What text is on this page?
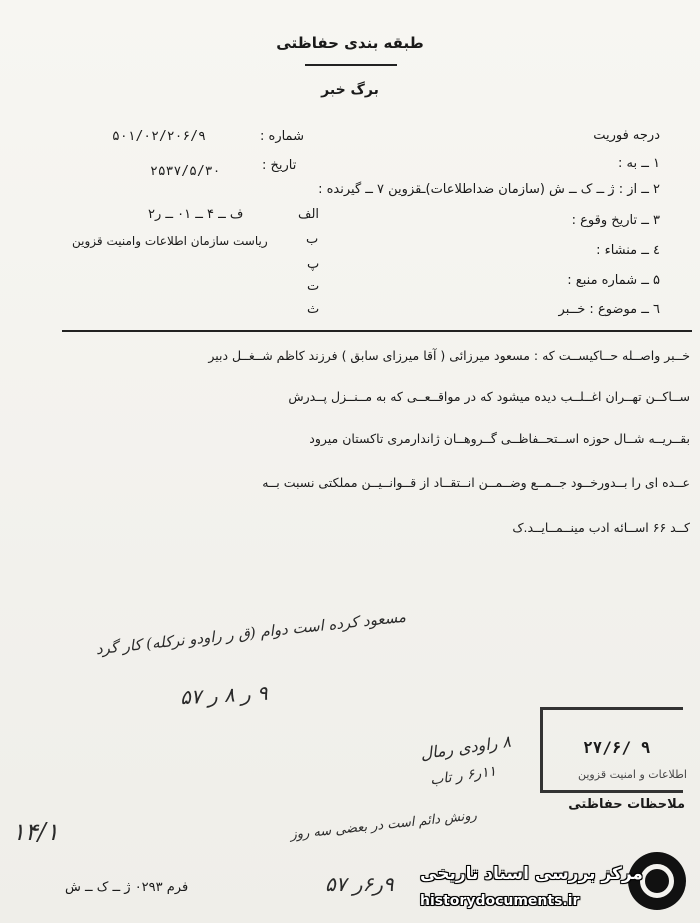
طبقه بندی حفاظتی
برگ خبر
درجه فوریت
۱ ــ به :
۲ ــ از : ژ ــ ک ــ ش (سازمان ضداطلاعات)ـقزوین ۷ ــ گیرنده :
۳ ــ تاریخ وقوع :
٤ ــ منشاء :
۵ ــ شماره منبع :
٦ ــ موضوع : خــبر
شماره :
۵۰۱/۰۲/۲۰۶/۹
تاریخ :
۲۵۳۷/۵/۳۰
الف
ف ــ ۴ ــ ۰۱ ــ ر۲
ب
ریاست سازمان اطلاعات وامنیت قزوین
پ
ت
ث
خــبر واصــله حــاکیســت که : مسعود میرزائی ( آقا میرزای سابق ) فرزند کاظم شــغــل دبیر
ســاکــن تهــران اغــلــب دیده میشود که در مواقــعــی که به مــنــزل پــدرش
بقــریــه شــال حوزه اســتحــفاظــی گــروهــان ژاندارمری تاکستان میرود
عــده ای را بــدورخــود جــمــع وضــمــن انــتقــاد از قــوانــیــن مملکتی نسبت بــه
کــد ۶۶ اســائه ادب مینــمــایــد.ک
مسعود کرده است دوام (ق ر راودو نرکله) کار گرد
۹ ر ۸ ر ۵۷
۸ راودی رمال
۱۱ر۶ ر تاب
رونش دائم است در بعضی سه روز
۱۴/۱
۹ر۶ر ۵۷
۲۷/۶/ ۹
اطلاعات و امنیت قزوین
ملاحظات حفاظتی
فرم ۰۲۹۳ ژ ــ ک ــ ش
مرکز بررسی اسناد تاریخی
historydocuments.ir
